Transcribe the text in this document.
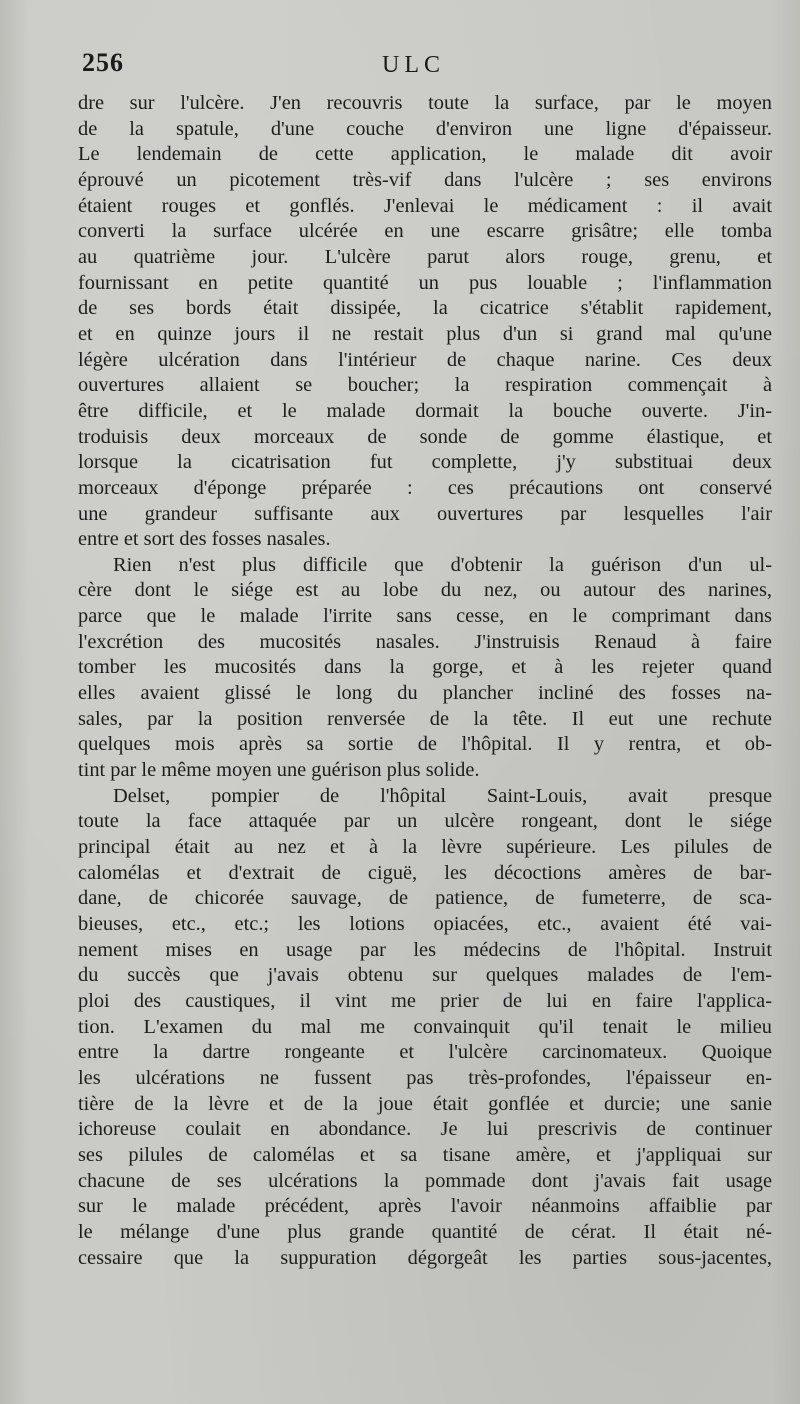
256	ULC
dre sur l'ulcère. J'en recouvris toute la surface, par le moyen
de la spatule, d'une couche d'environ une ligne d'épaisseur.
Le lendemain de cette application, le malade dit avoir
éprouvé un picotement très-vif dans l'ulcère ; ses environs
étaient rouges et gonflés. J'enlevai le médicament : il avait
converti la surface ulcérée en une escarre grisâtre; elle tomba
au quatrième jour. L'ulcère parut alors rouge, grenu, et
fournissant en petite quantité un pus louable ; l'inflammation
de ses bords était dissipée, la cicatrice s'établit rapidement,
et en quinze jours il ne restait plus d'un si grand mal qu'une
légère ulcération dans l'intérieur de chaque narine. Ces deux
ouvertures allaient se boucher; la respiration commençait à
être difficile, et le malade dormait la bouche ouverte. J'in-
troduisis deux morceaux de sonde de gomme élastique, et
lorsque la cicatrisation fut complette, j'y substituai deux
morceaux d'éponge préparée : ces précautions ont conservé
une grandeur suffisante aux ouvertures par lesquelles l'air
entre et sort des fosses nasales.
Rien n'est plus difficile que d'obtenir la guérison d'un ul-
cère dont le siége est au lobe du nez, ou autour des narines,
parce que le malade l'irrite sans cesse, en le comprimant dans
l'excrétion des mucosités nasales. J'instruisis Renaud à faire
tomber les mucosités dans la gorge, et à les rejeter quand
elles avaient glissé le long du plancher incliné des fosses na-
sales, par la position renversée de la tête. Il eut une rechute
quelques mois après sa sortie de l'hôpital. Il y rentra, et ob-
tint par le même moyen une guérison plus solide.
Delset, pompier de l'hôpital Saint-Louis, avait presque
toute la face attaquée par un ulcère rongeant, dont le siége
principal était au nez et à la lèvre supérieure. Les pilules de
calomélas et d'extrait de ciguë, les décoctions amères de bar-
dane, de chicorée sauvage, de patience, de fumeterre, de sca-
bieuses, etc., etc.; les lotions opiacées, etc., avaient été vai-
nement mises en usage par les médecins de l'hôpital. Instruit
du succès que j'avais obtenu sur quelques malades de l'em-
ploi des caustiques, il vint me prier de lui en faire l'applica-
tion. L'examen du mal me convainquit qu'il tenait le milieu
entre la dartre rongeante et l'ulcère carcinomateux. Quoique
les ulcérations ne fussent pas très-profondes, l'épaisseur en-
tière de la lèvre et de la joue était gonflée et durcie; une sanie
ichoreuse coulait en abondance. Je lui prescrivis de continuer
ses pilules de calomélas et sa tisane amère, et j'appliquai sur
chacune de ses ulcérations la pommade dont j'avais fait usage
sur le malade précédent, après l'avoir néanmoins affaiblie par
le mélange d'une plus grande quantité de cérat. Il était né-
cessaire que la suppuration dégorgeât les parties sous-jacentes,
